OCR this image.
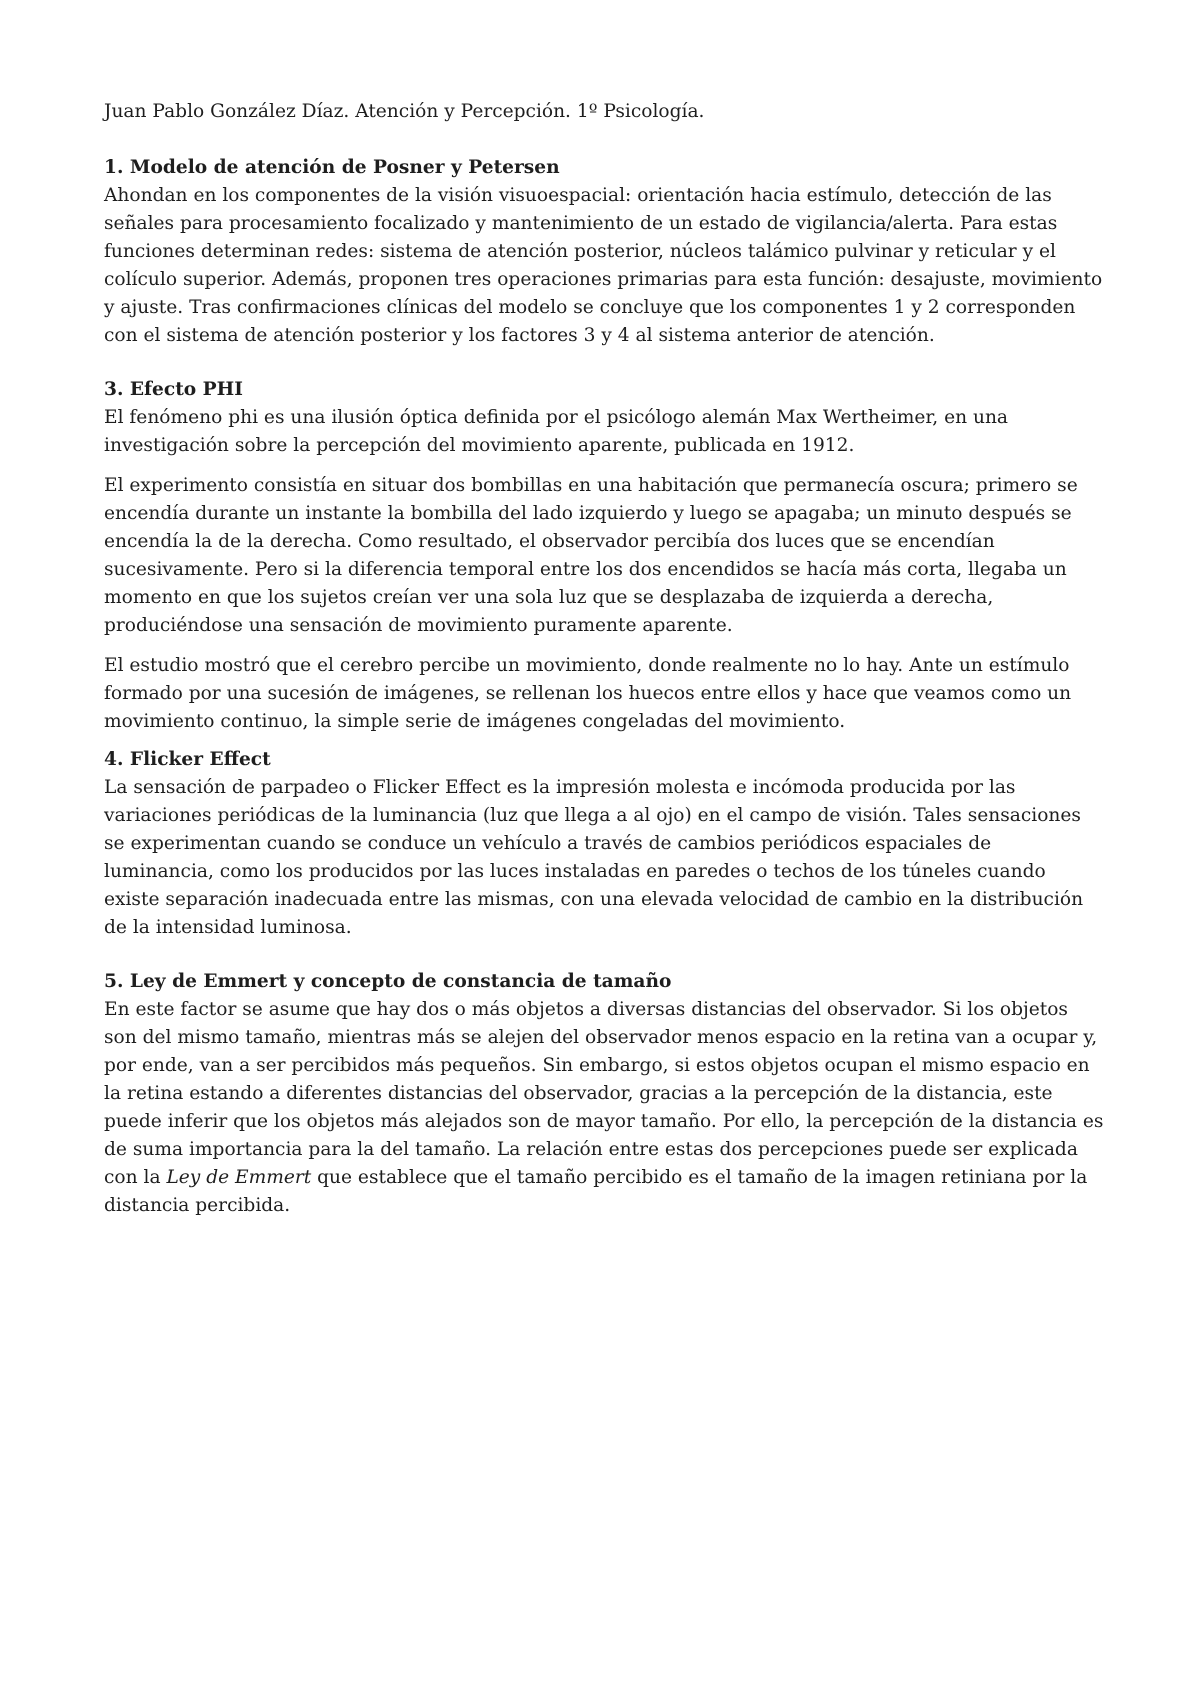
Juan Pablo González Díaz. Atención y Percepción. 1º Psicología.

1. Modelo de atención de Posner y Petersen

Ahondan en los componentes de la visión visuoespacial: orientación hacia estímulo, detección de las señales para procesamiento focalizado y mantenimiento de un estado de vigilancia/alerta. Para estas funciones determinan redes: sistema de atención posterior, núcleos talámico pulvinar y reticular y el colículo superior. Además, proponen tres operaciones primarias para esta función: desajuste, movimiento y ajuste. Tras confirmaciones clínicas del modelo se concluye que los componentes 1 y 2 corresponden con el sistema de atención posterior y los factores 3 y 4 al sistema anterior de atención.

3. Efecto PHI

El fenómeno phi es una ilusión óptica definida por el psicólogo alemán Max Wertheimer, en una investigación sobre la percepción del movimiento aparente, publicada en 1912.

El experimento consistía en situar dos bombillas en una habitación que permanecía oscura; primero se encendía durante un instante la bombilla del lado izquierdo y luego se apagaba; un minuto después se encendía la de la derecha. Como resultado, el observador percibía dos luces que se encendían sucesivamente. Pero si la diferencia temporal entre los dos encendidos se hacía más corta, llegaba un momento en que los sujetos creían ver una sola luz que se desplazaba de izquierda a derecha, produciéndose una sensación de movimiento puramente aparente.

El estudio mostró que el cerebro percibe un movimiento, donde realmente no lo hay. Ante un estímulo formado por una sucesión de imágenes, se rellenan los huecos entre ellos y hace que veamos como un movimiento continuo, la simple serie de imágenes congeladas del movimiento.

4. Flicker Effect

La sensación de parpadeo o Flicker Effect es la impresión molesta e incómoda producida por las variaciones periódicas de la luminancia (luz que llega a al ojo) en el campo de visión. Tales sensaciones se experimentan cuando se conduce un vehículo a través de cambios periódicos espaciales de luminancia, como los producidos por las luces instaladas en paredes o techos de los túneles cuando existe separación inadecuada entre las mismas, con una elevada velocidad de cambio en la distribución de la intensidad luminosa.

5. Ley de Emmert y concepto de constancia de tamaño

En este factor se asume que hay dos o más objetos a diversas distancias del observador. Si los objetos son del mismo tamaño, mientras más se alejen del observador menos espacio en la retina van a ocupar y, por ende, van a ser percibidos más pequeños. Sin embargo, si estos objetos ocupan el mismo espacio en la retina estando a diferentes distancias del observador, gracias a la percepción de la distancia, este puede inferir que los objetos más alejados son de mayor tamaño. Por ello, la percepción de la distancia es de suma importancia para la del tamaño. La relación entre estas dos percepciones puede ser explicada con la Ley de Emmert que establece que el tamaño percibido es el tamaño de la imagen retiniana por la distancia percibida.
